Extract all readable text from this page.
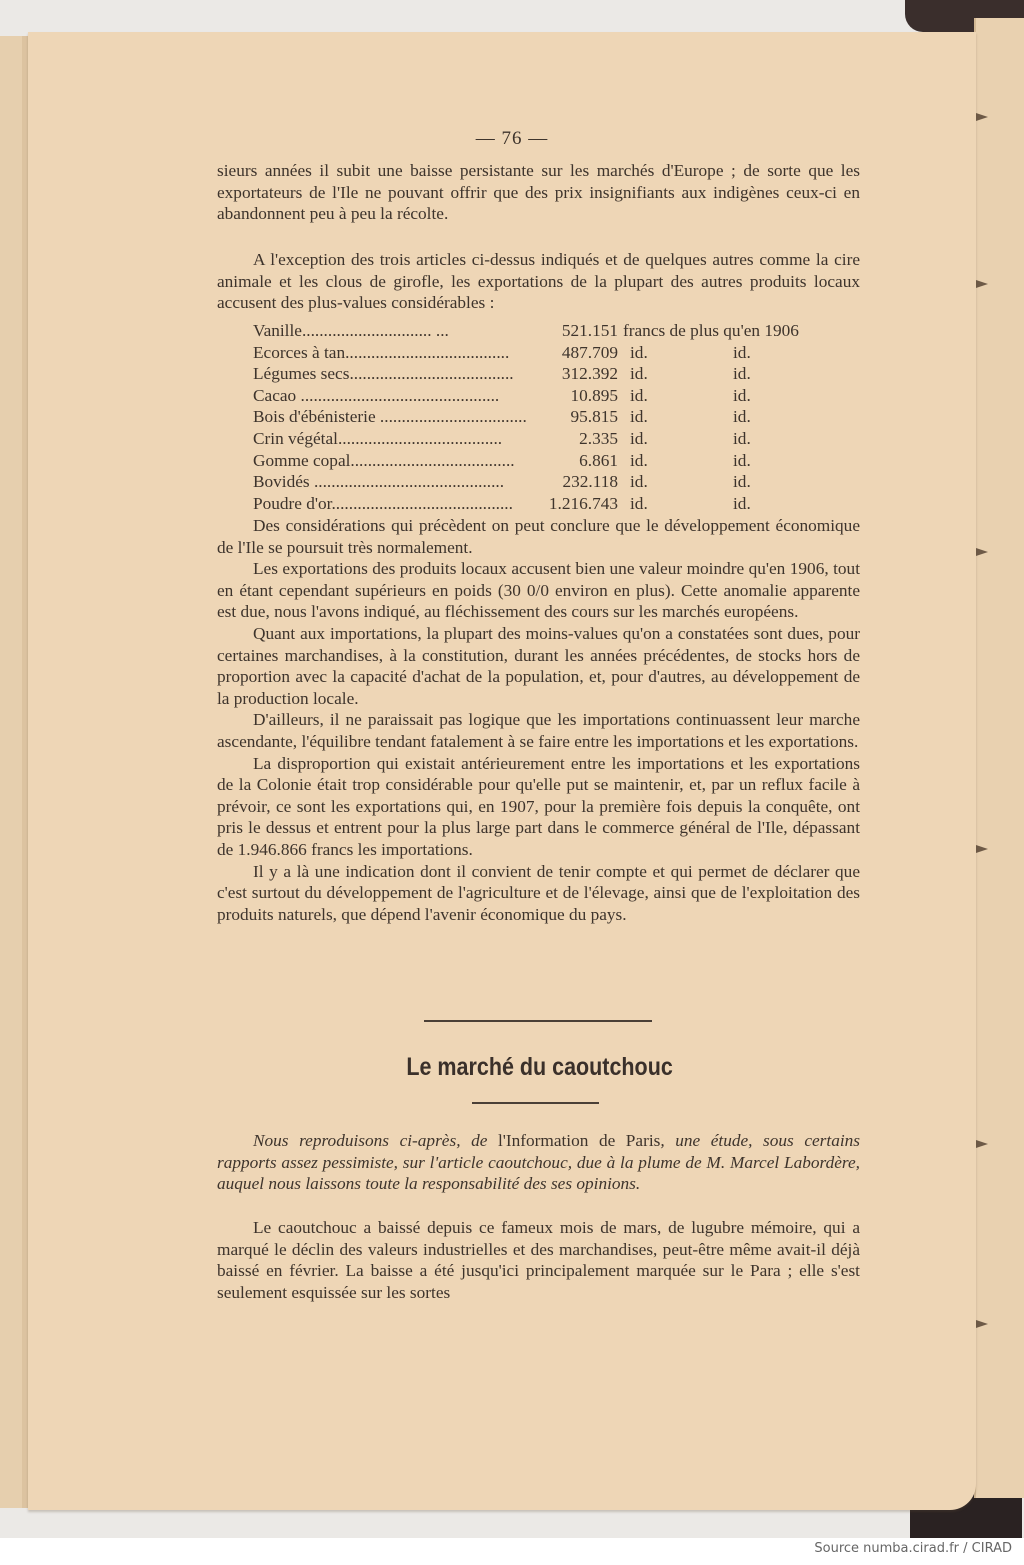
— 76 —

sieurs années il subit une baisse persistante sur les marchés d'Europe ; de sorte que les exportateurs de l'Ile ne pouvant offrir que des prix insignifiants aux indigènes ceux-ci en abandonnent peu à peu la récolte.

A l'exception des trois articles ci-dessus indiqués et de quelques autres comme la cire animale et les clous de girofle, les exportations de la plupart des autres produits locaux accusent des plus-values considérables :

Vanille.............................. ...	521.151 francs de plus qu'en 1906
Ecorces à tan......................................	487.709 id.	id.
Légumes secs......................................	312.392 id.	id.
Cacao ..............................................	10.895 id.	id.
Bois d'ébénisterie ..................................	95.815 id.	id.
Crin végétal......................................	2.335 id.	id.
Gomme copal......................................	6.861 id.	id.
Bovidés ............................................	232.118 id.	id.
Poudre d'or..........................................	1.216.743 id.	id.

Des considérations qui précèdent on peut conclure que le développement économique de l'Ile se poursuit très normalement.

Les exportations des produits locaux accusent bien une valeur moindre qu'en 1906, tout en étant cependant supérieurs en poids (30 0/0 environ en plus). Cette anomalie apparente est due, nous l'avons indiqué, au fléchissement des cours sur les marchés européens.

Quant aux importations, la plupart des moins-values qu'on a constatées sont dues, pour certaines marchandises, à la constitution, durant les années précédentes, de stocks hors de proportion avec la capacité d'achat de la population, et, pour d'autres, au développement de la production locale.

D'ailleurs, il ne paraissait pas logique que les importations continuassent leur marche ascendante, l'équilibre tendant fatalement à se faire entre les importations et les exportations.

La disproportion qui existait antérieurement entre les importations et les exportations de la Colonie était trop considérable pour qu'elle put se maintenir, et, par un reflux facile à prévoir, ce sont les exportations qui, en 1907, pour la première fois depuis la conquête, ont pris le dessus et entrent pour la plus large part dans le commerce général de l'Ile, dépassant de 1.946.866 francs les importations.

Il y a là une indication dont il convient de tenir compte et qui permet de déclarer que c'est surtout du développement de l'agriculture et de l'élevage, ainsi que de l'exploitation des produits naturels, que dépend l'avenir économique du pays.

Le marché du caoutchouc

Nous reproduisons ci-après, de l'Information de Paris, une étude, sous certains rapports assez pessimiste, sur l'article caoutchouc, due à la plume de M. Marcel Labordère, auquel nous laissons toute la responsabilité des ses opinions.

Le caoutchouc a baissé depuis ce fameux mois de mars, de lugubre mémoire, qui a marqué le déclin des valeurs industrielles et des marchandises, peut-être même avait-il déjà baissé en février. La baisse a été jusqu'ici principalement marquée sur le Para ; elle s'est seulement esquissée sur les sortes

Source numba.cirad.fr / CIRAD
